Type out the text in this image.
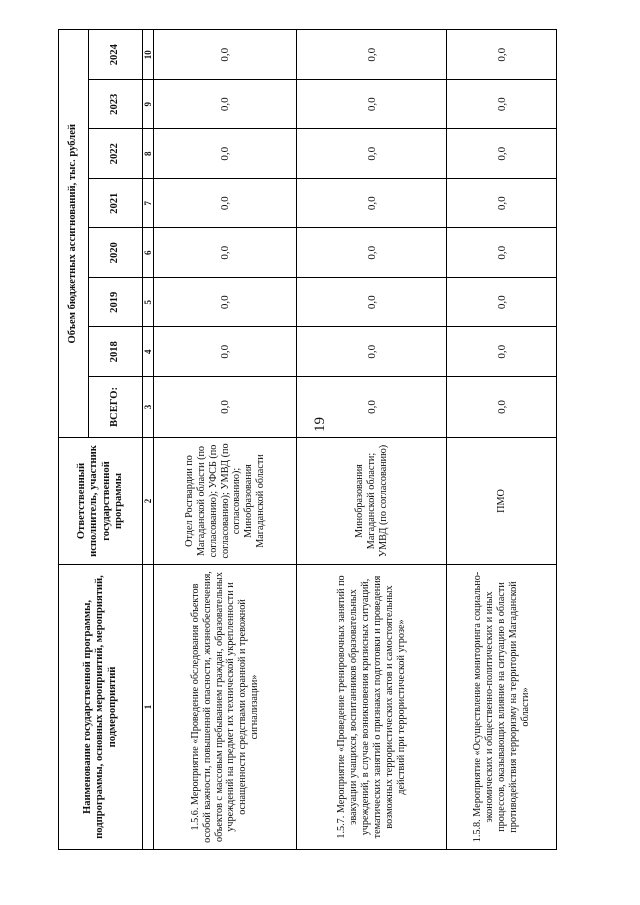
19
Наименование государственной программы, подпрограммы, основных мероприятий, мероприятий, подмероприятий	Ответственный исполнитель, участник государственной программы	Объем бюджетных ассигнований, тыс. рублей							
		ВСЕГО:	2018	2019	2020	2021	2022	2023	2024
1	2	3	4	5	6	7	8	9	10
1.5.6. Мероприятие «Проведение обследования объектов особой важности, повышенной опасности, жизнеобеспечения, объектов с массовым пребыванием граждан, образовательных учреждений на предмет их технической укрепленности и оснащенности средствами охранной и тревожной сигнализации»	Отдел Росгвардии по Магаданской области (по согласованию); УФСБ (по согласованию); УМВД (по согласованию); Минобразования Магаданской области	0,0	0,0	0,0	0,0	0,0	0,0	0,0	0,0
1.5.7. Мероприятие «Проведение тренировочных занятий по эвакуации учащихся, воспитанников образовательных учреждений, в случае возникновения кризисных ситуаций, тематических занятий о признаках подготовки и проведения возможных террористических актов и самостоятельных действий при террористической угрозе»	Минобразования Магаданской области; УМВД (по согласованию)	0,0	0,0	0,0	0,0	0,0	0,0	0,0	0,0
1.5.8. Мероприятие «Осуществление мониторинга социально-экономических и общественно-политических и иных процессов, оказывающих влияние на ситуацию в области противодействия терроризму на территории Магаданской области»	ПМО	0,0	0,0	0,0	0,0	0,0	0,0	0,0	0,0
